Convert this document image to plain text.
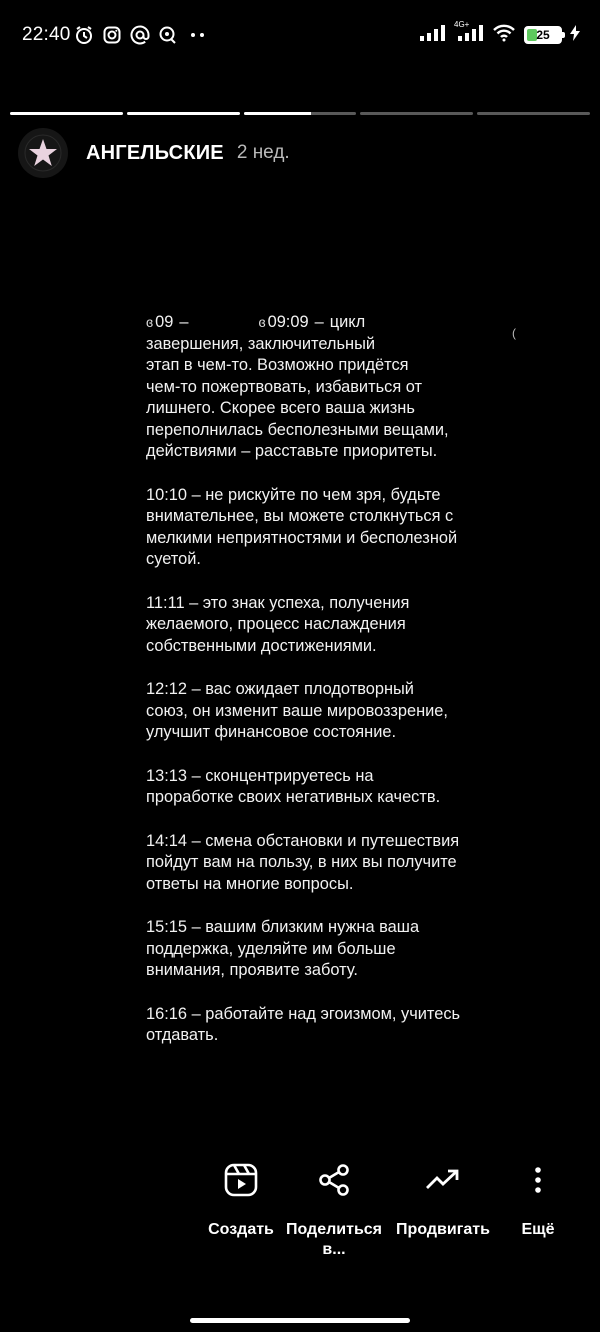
22:40	4G+
25
АНГЕЛЬСКИЕ 2 нед.
ɞ 09 –	ɞ 09:09 – цикл
завершения, заключительный
этап в чем-то. Возможно придётся
чем-то пожертвовать, избавиться от
лишнего. Скорее всего ваша жизнь
переполнилась бесполезными вещами,
действиями – расставьте приоритеты.
10:10 – не рискуйте по чем зря, будьте
внимательнее, вы можете столкнуться с
мелкими неприятностями и бесполезной
суетой.
11:11 – это знак успеха, получения
желаемого, процесс наслаждения
собственными достижениями.
12:12 – вас ожидает плодотворный
союз, он изменит ваше мировоззрение,
улучшит финансовое состояние.
13:13 – сконцентрируетесь на
проработке своих негативных качеств.
14:14 – смена обстановки и путешествия
пойдут вам на пользу, в них вы получите
ответы на многие вопросы.
15:15 – вашим близким нужна ваша
поддержка, уделяйте им больше
внимания, проявите заботу.
16:16 – работайте над эгоизмом, учитесь
отдавать.
(
Создать Поделиться в...
Продвигать Ещё
